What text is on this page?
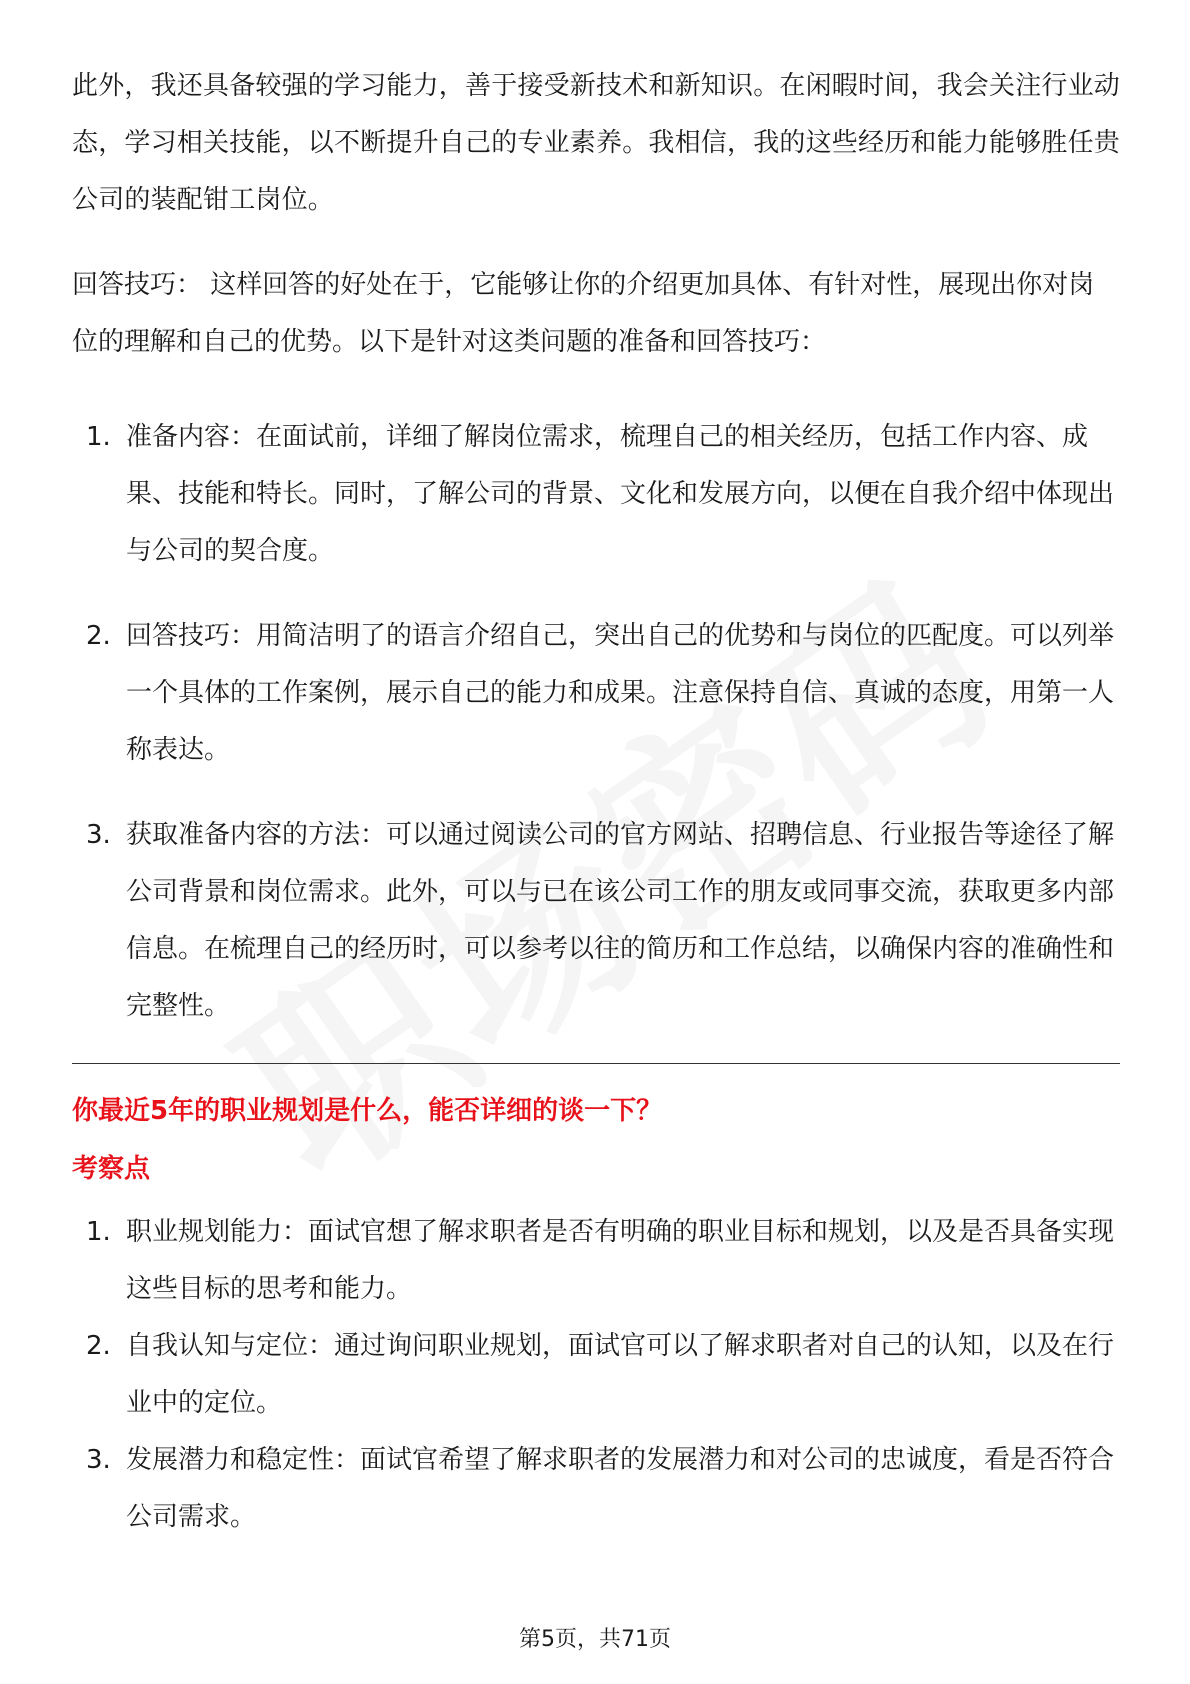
此外，我还具备较强的学习能力，善于接受新技术和新知识。在闲暇时间，我会关注行业动态，学习相关技能，以不断提升自己的专业素养。我相信，我的这些经历和能力能够胜任贵公司的装配钳工岗位。

回答技巧： 这样回答的好处在于，它能够让你的介绍更加具体、有针对性，展现出你对岗位的理解和自己的优势。以下是针对这类问题的准备和回答技巧：

1. 准备内容：在面试前，详细了解岗位需求，梳理自己的相关经历，包括工作内容、成果、技能和特长。同时，了解公司的背景、文化和发展方向，以便在自我介绍中体现出与公司的契合度。
2. 回答技巧：用简洁明了的语言介绍自己，突出自己的优势和与岗位的匹配度。可以列举一个具体的工作案例，展示自己的能力和成果。注意保持自信、真诚的态度，用第一人称表达。
3. 获取准备内容的方法：可以通过阅读公司的官方网站、招聘信息、行业报告等途径了解公司背景和岗位需求。此外，可以与已在该公司工作的朋友或同事交流，获取更多内部信息。在梳理自己的经历时，可以参考以往的简历和工作总结，以确保内容的准确性和完整性。

你最近5年的职业规划是什么，能否详细的谈一下？

考察点

1. 职业规划能力：面试官想了解求职者是否有明确的职业目标和规划，以及是否具备实现这些目标的思考和能力。
2. 自我认知与定位：通过询问职业规划，面试官可以了解求职者对自己的认知，以及在行业中的定位。
3. 发展潜力和稳定性：面试官希望了解求职者的发展潜力和对公司的忠诚度，看是否符合公司需求。
第5页，共71页
